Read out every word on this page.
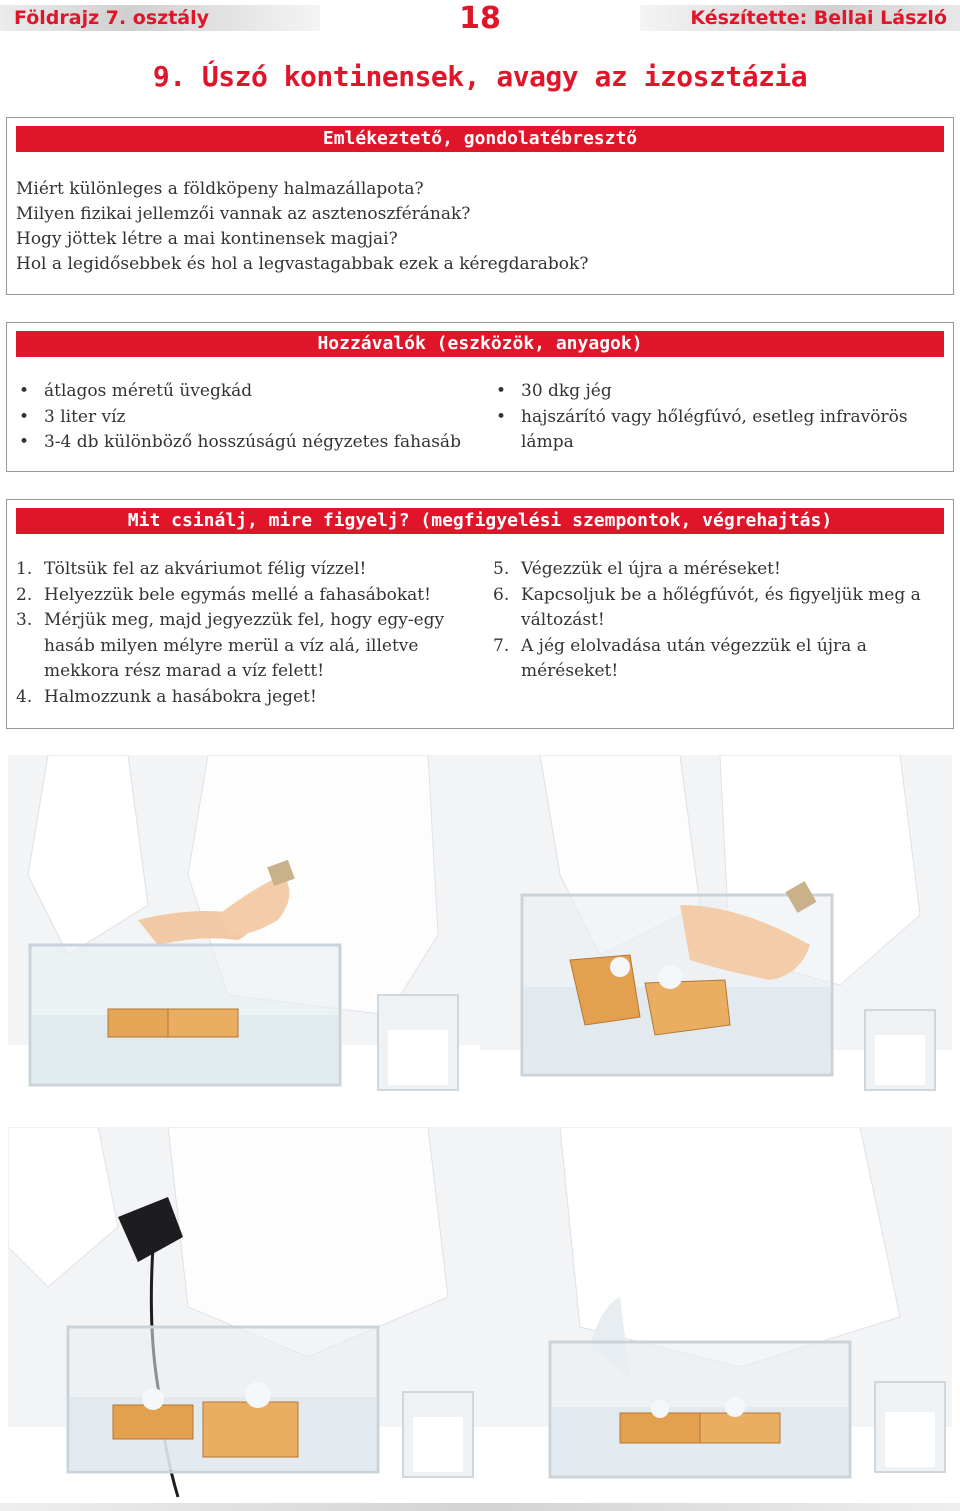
Földrajz 7. osztály	18	Készítette: Bellai László
9. Úszó kontinensek, avagy az izosztázia
Emlékeztető, gondolatébresztő
Miért különleges a földköpeny halmazállapota?
Milyen fizikai jellemzői vannak az asztenoszférának?
Hogy jöttek létre a mai kontinensek magjai?
Hol a legidősebbek és hol a legvastagabbak ezek a kéregdarabok?
Hozzávalók (eszközök, anyagok)
• átlagos méretű üvegkád
• 3 liter víz
• 3-4 db különböző hosszúságú négyzetes fahasáb
• 30 dkg jég
• hajszárító vagy hőlégfúvó, esetleg infravörös lámpa
Mit csinálj, mire figyelj? (megfigyelési szempontok, végrehajtás)
1. Töltsük fel az akváriumot félig vízzel!
2. Helyezzük bele egymás mellé a fahasábokat!
3. Mérjük meg, majd jegyezzük fel, hogy egy-egy hasáb milyen mélyre merül a víz alá, illetve mekkora rész marad a víz felett!
4. Halmozzunk a hasábokra jeget!
5. Végezzük el újra a méréseket!
6. Kapcsoljuk be a hőlégfúvót, és figyeljük meg a változást!
7. A jég elolvadása után végezzük el újra a méréseket!
